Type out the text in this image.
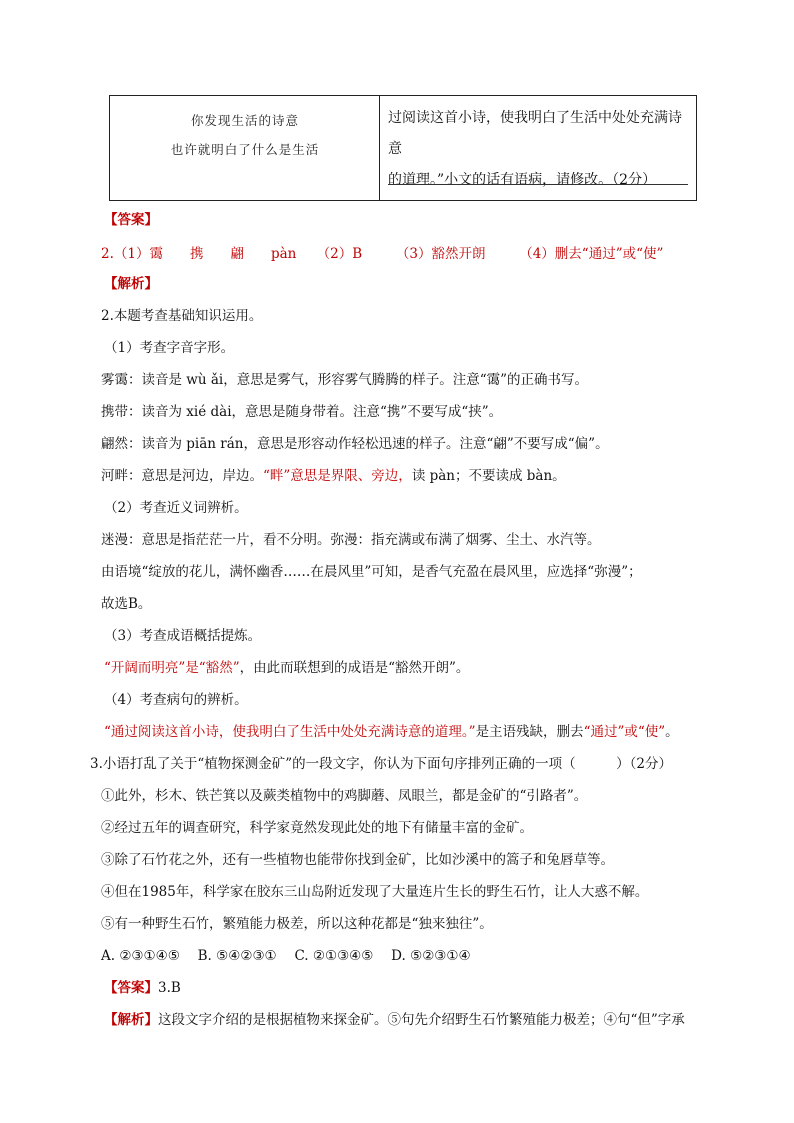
你发现生活的诗意
也许就明白了什么是生活
过阅读这首小诗，使我明白了生活中处处充满诗意
的道理。”小文的话有语病，请修改。（2分）
【答案】
2.（1）霭　　携　　翩　　pàn　　（2）B　　　（3）豁然开朗　　　（4）删去“通过”或“使”
【解析】
2.本题考查基础知识运用。
（1）考查字音字形。
雾霭：读音是 wù ǎi，意思是雾气，形容雾气腾腾的样子。注意“霭”的正确书写。
携带：读音为 xié dài，意思是随身带着。注意“携”不要写成“挟”。
翩然：读音为 piān rán，意思是形容动作轻松迅速的样子。注意“翩”不要写成“偏”。
河畔：意思是河边，岸边。“畔”意思是界限、旁边，读 pàn；不要读成 bàn。
（2）考查近义词辨析。
迷漫：意思是指茫茫一片，看不分明。弥漫：指充满或布满了烟雾、尘土、水汽等。
由语境“绽放的花儿，满怀幽香……在晨风里”可知，是香气充盈在晨风里，应选择“弥漫”；
故选B。
（3）考查成语概括提炼。
“开阔而明亮”是“豁然”，由此而联想到的成语是“豁然开朗”。
（4）考查病句的辨析。
“通过阅读这首小诗，使我明白了生活中处处充满诗意的道理。”是主语残缺，删去“通过”或“使”。
3.小语打乱了关于“植物探测金矿”的一段文字，你认为下面句序排列正确的一项（　　　）（2分）
①此外，杉木、铁芒箕以及蕨类植物中的鸡脚蘑、凤眼兰，都是金矿的“引路者”。
②经过五年的调查研究，科学家竟然发现此处的地下有储量丰富的金矿。
③除了石竹花之外，还有一些植物也能带你找到金矿，比如沙溪中的篙子和兔唇草等。
④但在1985年，科学家在胶东三山岛附近发现了大量连片生长的野生石竹，让人大惑不解。
⑤有一种野生石竹，繁殖能力极差，所以这种花都是“独来独往”。
A. ②③①④⑤　 B. ⑤④②③①　 C. ②①③④⑤　 D. ⑤②③①④
【答案】3.B
【解析】这段文字介绍的是根据植物来探金矿。⑤句先介绍野生石竹繁殖能力极差；④句“但”字承
